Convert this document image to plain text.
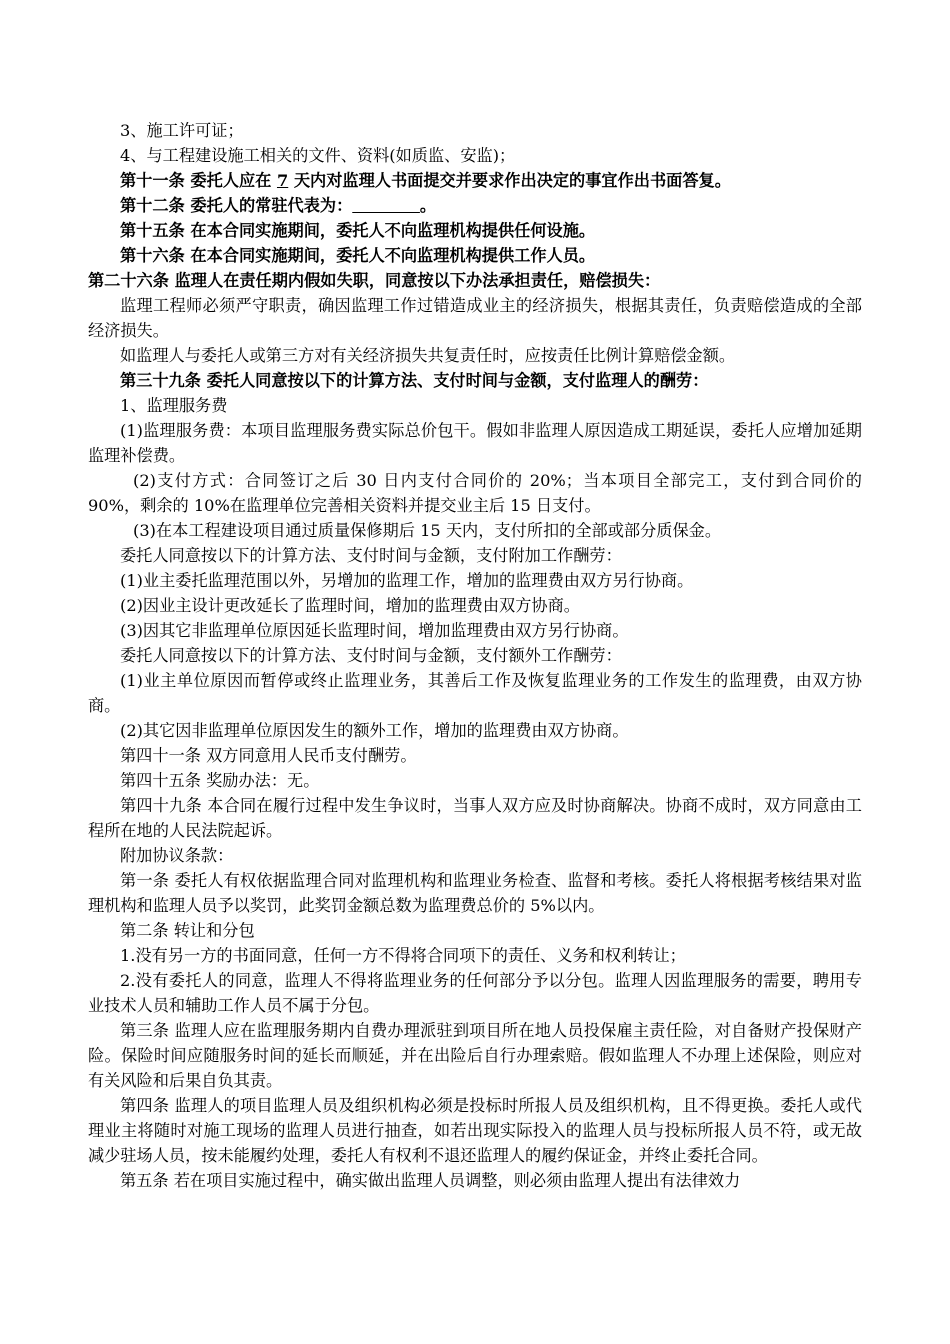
3、施工许可证；

4、与工程建设施工相关的文件、资料(如质监、安监)；

第十一条 委托人应在 7 天内对监理人书面提交并要求作出决定的事宜作出书面答复。

第十二条 委托人的常驻代表为：	。

第十五条 在本合同实施期间，委托人不向监理机构提供任何设施。

第十六条 在本合同实施期间，委托人不向监理机构提供工作人员。

第二十六条 监理人在责任期内假如失职，同意按以下办法承担责任，赔偿损失：

监理工程师必须严守职责，确因监理工作过错造成业主的经济损失，根据其责任，负责赔偿造成的全部经济损失。

如监理人与委托人或第三方对有关经济损失共复责任时，应按责任比例计算赔偿金额。

第三十九条 委托人同意按以下的计算方法、支付时间与金额，支付监理人的酬劳：

1、监理服务费

(1)监理服务费：本项目监理服务费实际总价包干。假如非监理人原因造成工期延误，委托人应增加延期监理补偿费。

(2)支付方式：合同签订之后 30 日内支付合同价的 20%；当本项目全部完工，支付到合同价的 90%，剩余的 10%在监理单位完善相关资料并提交业主后 15 日支付。

(3)在本工程建设项目通过质量保修期后 15 天内，支付所扣的全部或部分质保金。

委托人同意按以下的计算方法、支付时间与金额，支付附加工作酬劳：

(1)业主委托监理范围以外，另增加的监理工作，增加的监理费由双方另行协商。

(2)因业主设计更改延长了监理时间，增加的监理费由双方协商。

(3)因其它非监理单位原因延长监理时间，增加监理费由双方另行协商。

委托人同意按以下的计算方法、支付时间与金额，支付额外工作酬劳：

(1)业主单位原因而暂停或终止监理业务，其善后工作及恢复监理业务的工作发生的监理费，由双方协商。

(2)其它因非监理单位原因发生的额外工作，增加的监理费由双方协商。

第四十一条 双方同意用人民币支付酬劳。

第四十五条 奖励办法：无。

第四十九条 本合同在履行过程中发生争议时，当事人双方应及时协商解决。协商不成时，双方同意由工程所在地的人民法院起诉。

附加协议条款：

第一条 委托人有权依据监理合同对监理机构和监理业务检查、监督和考核。委托人将根据考核结果对监理机构和监理人员予以奖罚，此奖罚金额总数为监理费总价的 5%以内。

第二条 转让和分包

1.没有另一方的书面同意，任何一方不得将合同项下的责任、义务和权利转让；

2.没有委托人的同意，监理人不得将监理业务的任何部分予以分包。监理人因监理服务的需要，聘用专业技术人员和辅助工作人员不属于分包。

第三条 监理人应在监理服务期内自费办理派驻到项目所在地人员投保雇主责任险，对自备财产投保财产险。保险时间应随服务时间的延长而顺延，并在出险后自行办理索赔。假如监理人不办理上述保险，则应对有关风险和后果自负其责。

第四条 监理人的项目监理人员及组织机构必须是投标时所报人员及组织机构，且不得更换。委托人或代理业主将随时对施工现场的监理人员进行抽查，如若出现实际投入的监理人员与投标所报人员不符，或无故减少驻场人员，按未能履约处理，委托人有权利不退还监理人的履约保证金，并终止委托合同。

第五条 若在项目实施过程中，确实做出监理人员调整，则必须由监理人提出有法律效力
